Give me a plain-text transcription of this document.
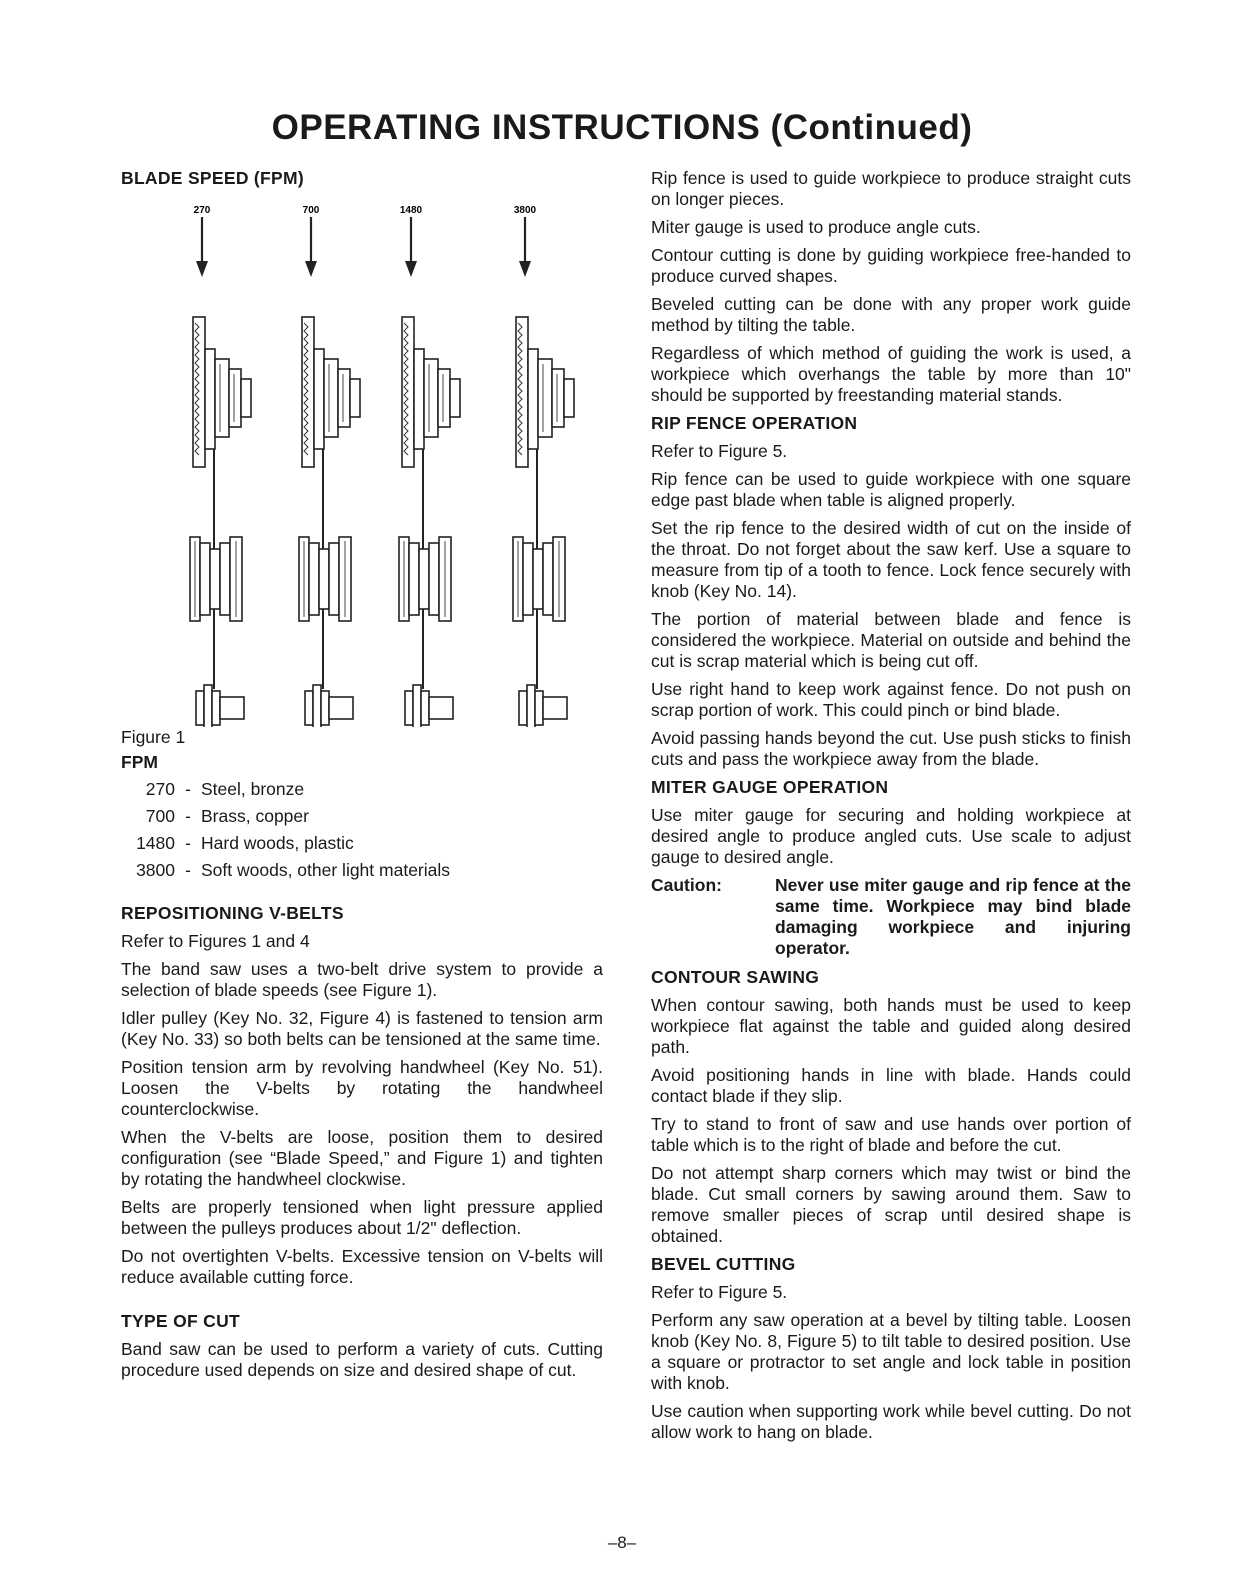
OPERATING INSTRUCTIONS (Continued)
BLADE SPEED (FPM)
270	700	1480	3800
Figure 1
FPM
270 - Steel, bronze
700 - Brass, copper
1480 - Hard woods, plastic
3800 - Soft woods, other light materials
REPOSITIONING V-BELTS

Refer to Figures 1 and 4

The band saw uses a two-belt drive system to provide a selection of blade speeds (see Figure 1).

Idler pulley (Key No. 32, Figure 4) is fastened to tension arm (Key No. 33) so both belts can be tensioned at the same time.

Position tension arm by revolving handwheel (Key No. 51). Loosen the V-belts by rotating the handwheel counterclockwise.

When the V-belts are loose, position them to desired configuration (see “Blade Speed,” and Figure 1) and tighten by rotating the handwheel clockwise.

Belts are properly tensioned when light pressure applied between the pulleys produces about 1/2" deflection.

Do not overtighten V-belts. Excessive tension on V-belts will reduce available cutting force.

TYPE OF CUT

Band saw can be used to perform a variety of cuts. Cutting procedure used depends on size and desired shape of cut.

Rip fence is used to guide workpiece to produce straight cuts on longer pieces.

Miter gauge is used to produce angle cuts.

Contour cutting is done by guiding workpiece free-handed to produce curved shapes.

Beveled cutting can be done with any proper work guide method by tilting the table.

Regardless of which method of guiding the work is used, a workpiece which overhangs the table by more than 10" should be supported by freestanding material stands.

RIP FENCE OPERATION

Refer to Figure 5.

Rip fence can be used to guide workpiece with one square edge past blade when table is aligned properly.

Set the rip fence to the desired width of cut on the inside of the throat. Do not forget about the saw kerf. Use a square to measure from tip of a tooth to fence. Lock fence securely with knob (Key No. 14).

The portion of material between blade and fence is considered the workpiece. Material on outside and behind the cut is scrap material which is being cut off.

Use right hand to keep work against fence. Do not push on scrap portion of work. This could pinch or bind blade.

Avoid passing hands beyond the cut. Use push sticks to finish cuts and pass the workpiece away from the blade.

MITER GAUGE OPERATION

Use miter gauge for securing and holding workpiece at desired angle to produce angled cuts. Use scale to adjust gauge to desired angle.

Caution:	Never use miter gauge and rip fence at the same time. Workpiece may bind blade damaging workpiece and injuring operator.
CONTOUR SAWING

When contour sawing, both hands must be used to keep workpiece flat against the table and guided along desired path.

Avoid positioning hands in line with blade. Hands could contact blade if they slip.

Try to stand to front of saw and use hands over portion of table which is to the right of blade and before the cut.

Do not attempt sharp corners which may twist or bind the blade. Cut small corners by sawing around them. Saw to remove smaller pieces of scrap until desired shape is obtained.

BEVEL CUTTING

Refer to Figure 5.

Perform any saw operation at a bevel by tilting table. Loosen knob (Key No. 8, Figure 5) to tilt table to desired position. Use a square or protractor to set angle and lock table in position with knob.

Use caution when supporting work while bevel cutting. Do not allow work to hang on blade.

–8–
